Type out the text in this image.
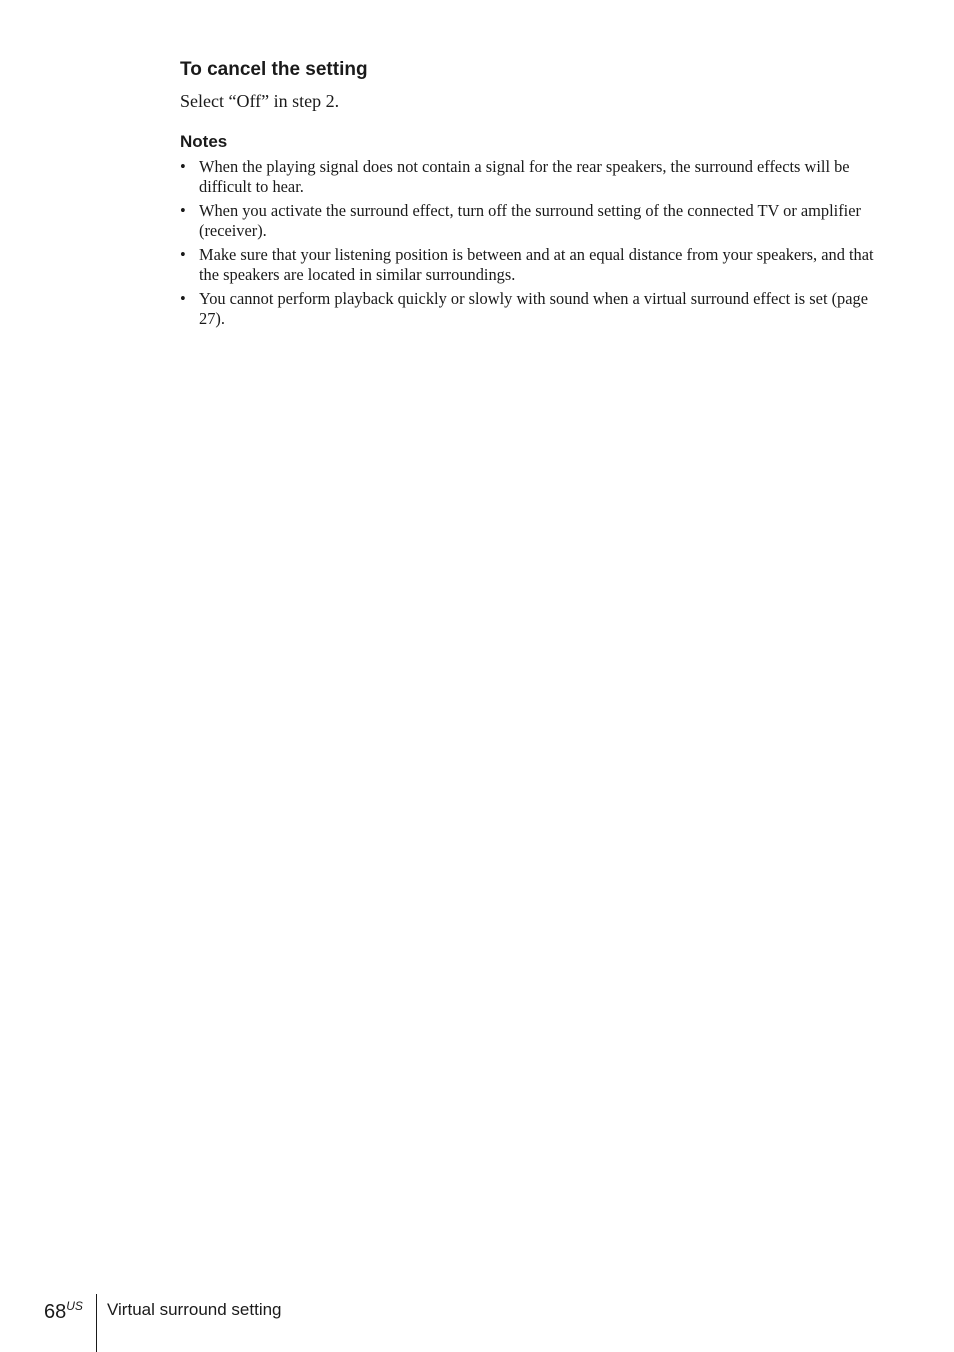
To cancel the setting

Select “Off” in step 2.

Notes
• When the playing signal does not contain a signal for the rear speakers, the surround effects will be difficult to hear.
• When you activate the surround effect, turn off the surround setting of the connected TV or amplifier (receiver).
• Make sure that your listening position is between and at an equal distance from your speakers, and that the speakers are located in similar surroundings.
• You cannot perform playback quickly or slowly with sound when a virtual surround effect is set (page 27).
$68^{US}$ Virtual surround setting
